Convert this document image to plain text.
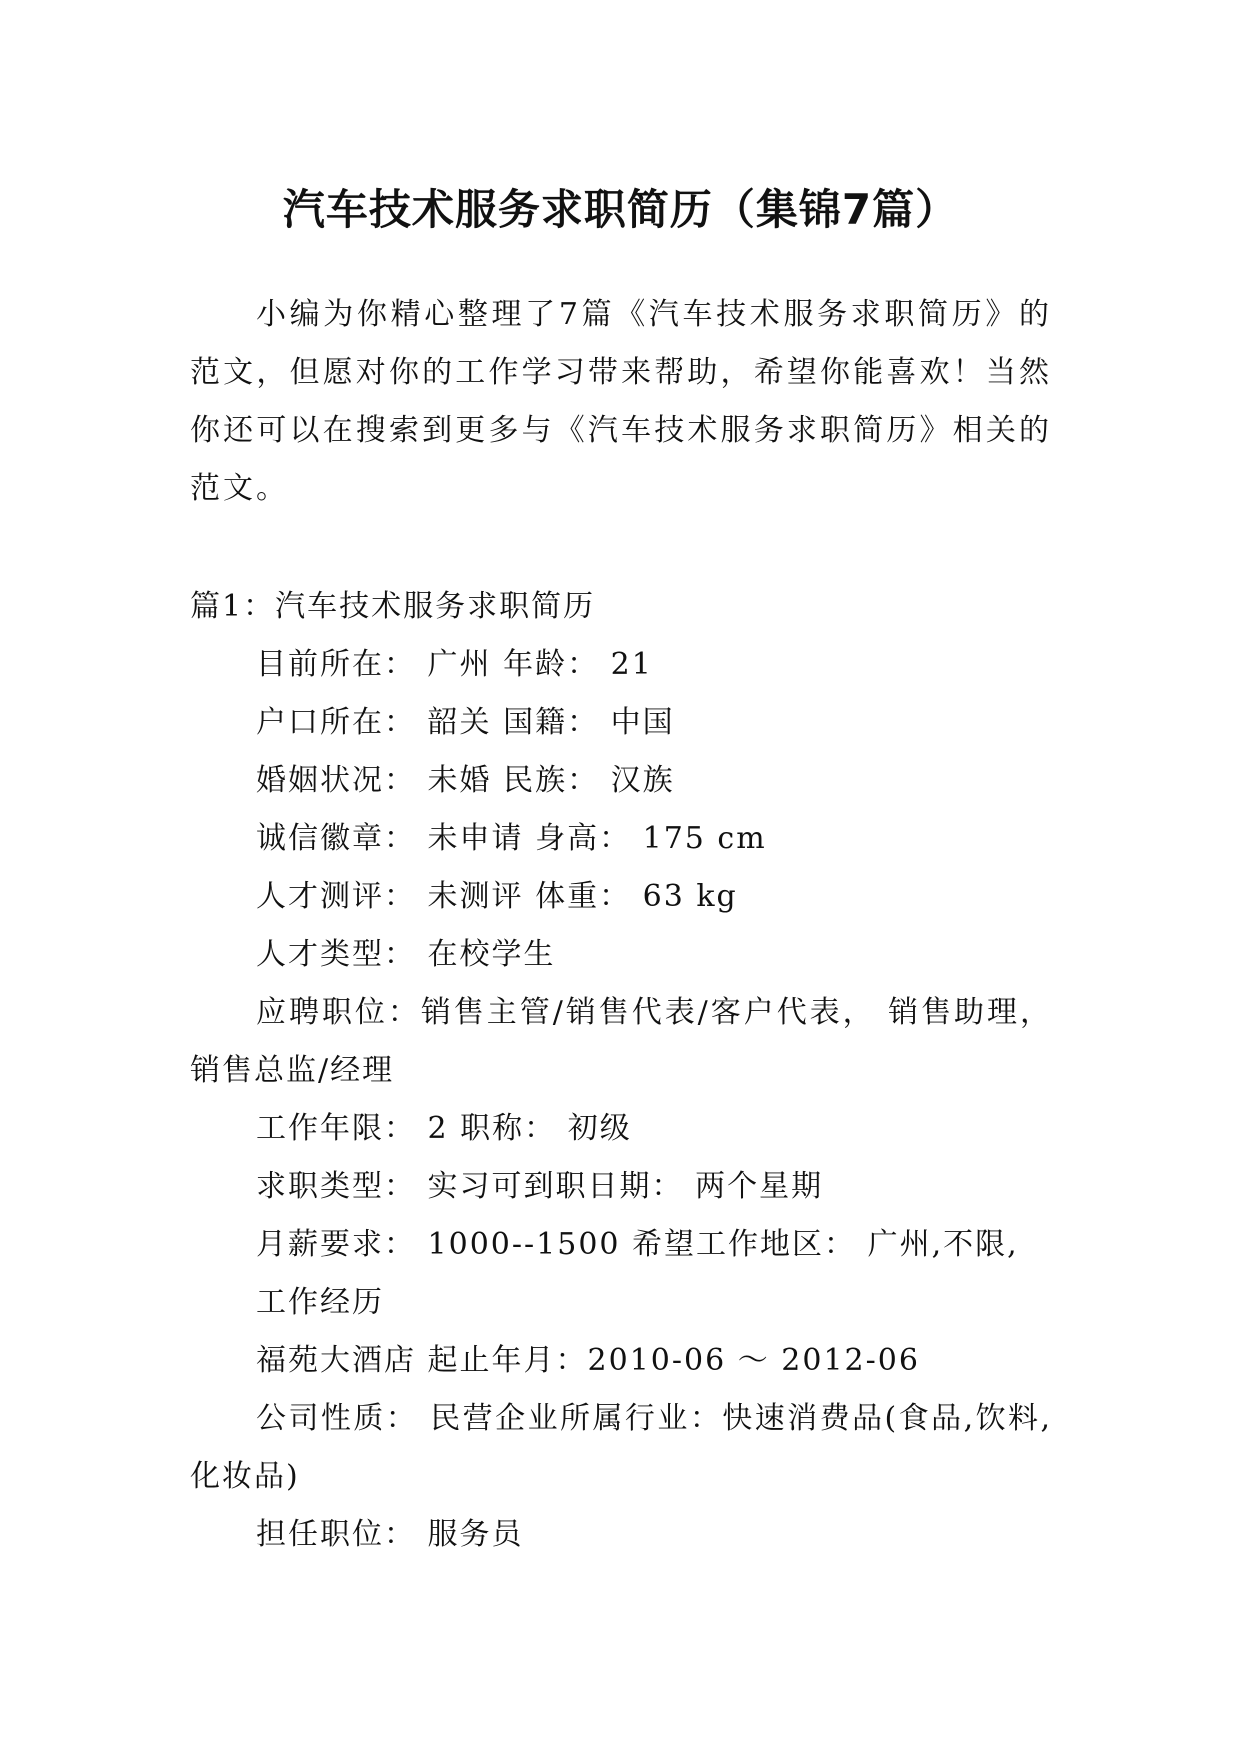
汽车技术服务求职简历（集锦7篇）

小编为你精心整理了7篇《汽车技术服务求职简历》的范文，但愿对你的工作学习带来帮助，希望你能喜欢！当然你还可以在搜索到更多与《汽车技术服务求职简历》相关的范文。

篇1：汽车技术服务求职简历

目前所在： 广州 年龄： 21
户口所在： 韶关 国籍： 中国
婚姻状况： 未婚 民族： 汉族
诚信徽章： 未申请 身高： 175 cm
人才测评： 未测评 体重： 63 kg
人才类型： 在校学生
应聘职位：销售主管/销售代表/客户代表， 销售助理，销售总监/经理
工作年限： 2 职称： 初级
求职类型： 实习可到职日期： 两个星期
月薪要求： 1000--1500 希望工作地区： 广州,不限,
工作经历
福苑大酒店 起止年月：2010-06 ～ 2012-06
公司性质： 民营企业所属行业：快速消费品(食品,饮料,化妆品)
担任职位： 服务员
